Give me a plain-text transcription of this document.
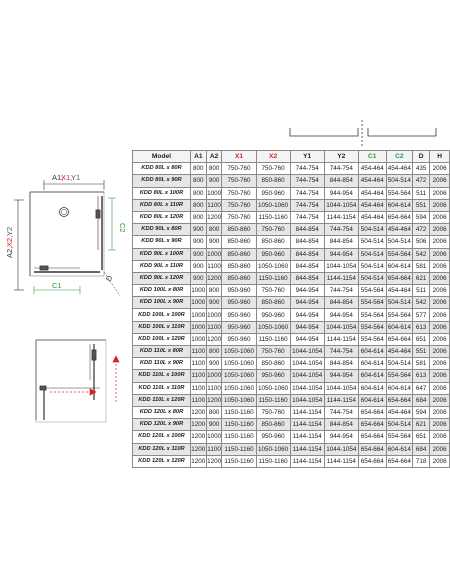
A1,
X1,
Y1
A2,
X2,
Y2
C1
C2
D
Model	A1	A2	X1	X2	Y1	Y2	C1	C2	D	H
KDD 80L x 80R	800	800	750-760	750-760	744-754	744-754	454-464	454-464	435	2006
KDD 80L x 90R	800	900	750-760	850-860	744-754	844-854	454-464	504-514	472	2006
KDD 80L x 100R	800	1000	750-760	950-960	744-754	944-954	454-464	554-564	511	2006
KDD 80L x 110R	800	1100	750-760	1050-1060	744-754	1044-1054	454-464	604-614	551	2006
KDD 80L x 120R	800	1200	750-760	1150-1160	744-754	1144-1154	454-464	654-664	594	2006
KDD 90L x 80R	900	800	850-860	750-760	844-854	744-754	504-514	454-464	472	2006
KDD 90L x 90R	900	900	850-860	850-860	844-854	844-854	504-514	504-514	506	2006
KDD 90L x 100R	900	1000	850-860	950-960	844-854	944-954	504-514	554-564	542	2006
KDD 90L x 110R	900	1100	850-860	1050-1060	844-854	1044-1054	504-514	604-614	581	2006
KDD 90L x 120R	900	1200	850-860	1150-1160	844-854	1144-1154	504-514	654-664	621	2006
KDD 100L x 80R	1000	800	950-960	750-760	944-954	744-754	554-564	454-464	511	2006
KDD 100L x 90R	1000	900	950-960	850-860	944-954	844-854	554-564	504-514	542	2006
KDD 100L x 100R	1000	1000	950-960	950-960	944-954	944-954	554-564	554-564	577	2006
KDD 100L x 110R	1000	1100	950-960	1050-1060	944-954	1044-1054	554-564	604-614	613	2006
KDD 100L x 120R	1000	1200	950-960	1150-1160	944-954	1144-1154	554-564	654-664	651	2006
KDD 110L x 80R	1100	800	1050-1060	750-760	1044-1054	744-754	604-614	454-464	551	2006
KDD 110L x 90R	1100	900	1050-1060	850-860	1044-1054	844-854	604-614	504-514	581	2006
KDD 110L x 100R	1100	1000	1050-1060	950-960	1044-1054	944-954	604-614	554-564	613	2006
KDD 110L x 110R	1100	1100	1050-1060	1050-1060	1044-1054	1044-1054	604-614	604-614	647	2006
KDD 110L x 120R	1100	1200	1050-1060	1150-1160	1044-1054	1144-1154	604-614	654-664	684	2006
KDD 120L x 80R	1200	800	1150-1160	750-760	1144-1154	744-754	654-664	454-464	594	2006
KDD 120L x 90R	1200	900	1150-1160	850-860	1144-1154	844-854	654-664	504-514	621	2006
KDD 120L x 100R	1200	1000	1150-1160	950-960	1144-1154	944-954	654-664	554-564	651	2006
KDD 120L x 110R	1200	1100	1150-1160	1050-1060	1144-1154	1044-1054	654-664	604-614	684	2006
KDD 120L x 120R	1200	1200	1150-1160	1150-1160	1144-1154	1144-1154	654-664	654-664	718	2006
